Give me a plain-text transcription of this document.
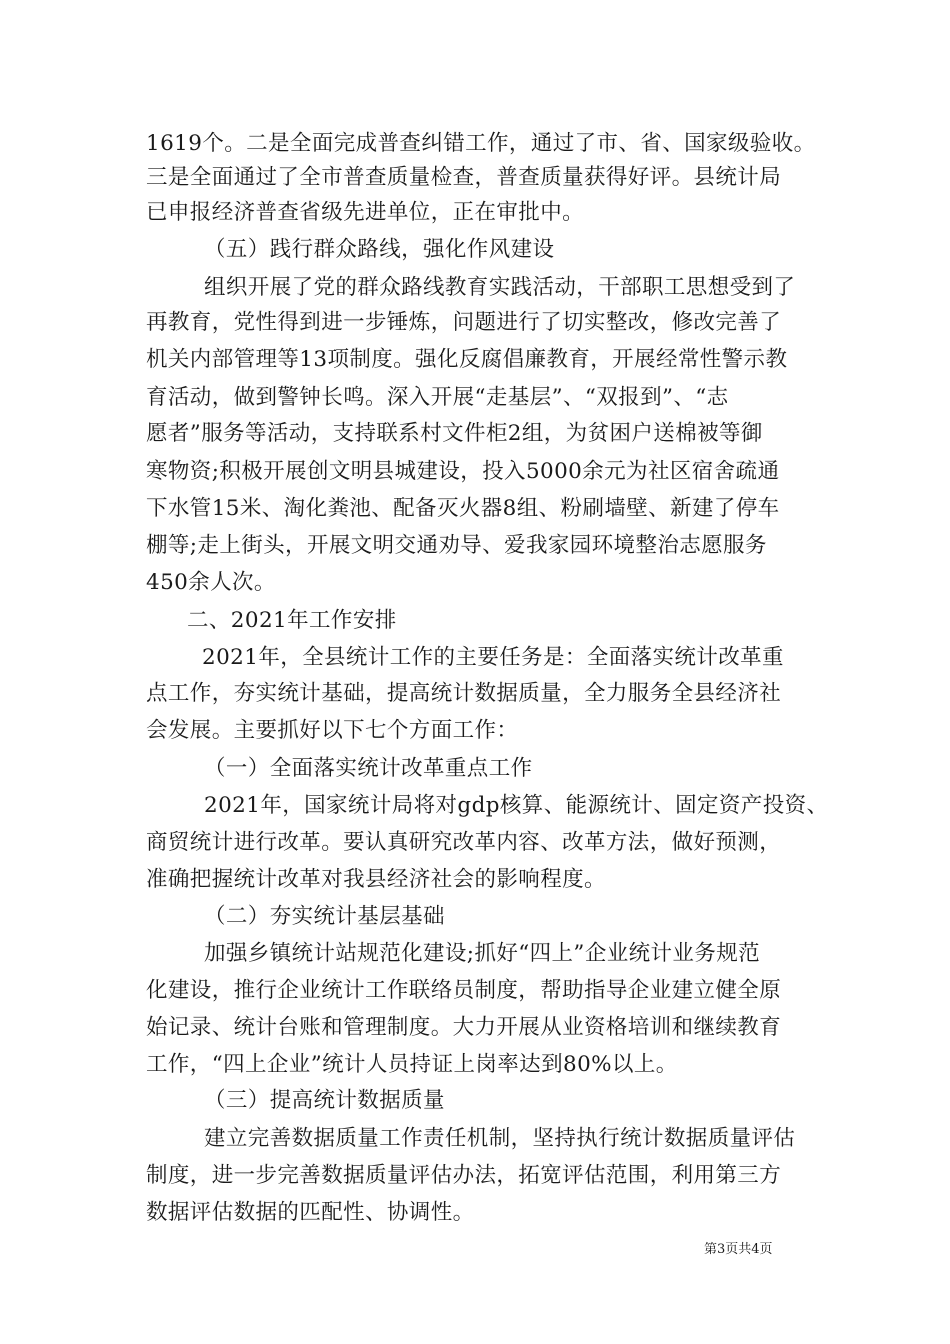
1619个。二是全面完成普查纠错工作，通过了市、省、国家级验收。
三是全面通过了全市普查质量检查，普查质量获得好评。县统计局
已申报经济普查省级先进单位，正在审批中。
（五）践行群众路线，强化作风建设
组织开展了党的群众路线教育实践活动，干部职工思想受到了
再教育，党性得到进一步锤炼，问题进行了切实整改，修改完善了
机关内部管理等13项制度。强化反腐倡廉教育，开展经常性警示教
育活动，做到警钟长鸣。深入开展“走基层”、“双报到”、“志
愿者”服务等活动，支持联系村文件柜2组，为贫困户送棉被等御
寒物资;积极开展创文明县城建设，投入5000余元为社区宿舍疏通
下水管15米、淘化粪池、配备灭火器8组、粉刷墙壁、新建了停车
棚等;走上街头，开展文明交通劝导、爱我家园环境整治志愿服务
450余人次。
二、2021年工作安排
2021年，全县统计工作的主要任务是：全面落实统计改革重
点工作，夯实统计基础，提高统计数据质量，全力服务全县经济社
会发展。主要抓好以下七个方面工作：
（一）全面落实统计改革重点工作
2021年，国家统计局将对gdp核算、能源统计、固定资产投资、
商贸统计进行改革。要认真研究改革内容、改革方法，做好预测，
准确把握统计改革对我县经济社会的影响程度。
（二）夯实统计基层基础
加强乡镇统计站规范化建设;抓好“四上”企业统计业务规范
化建设，推行企业统计工作联络员制度，帮助指导企业建立健全原
始记录、统计台账和管理制度。大力开展从业资格培训和继续教育
工作，“四上企业”统计人员持证上岗率达到80%以上。
（三）提高统计数据质量
建立完善数据质量工作责任机制，坚持执行统计数据质量评估
制度，进一步完善数据质量评估办法，拓宽评估范围，利用第三方
数据评估数据的匹配性、协调性。
第3页共4页
